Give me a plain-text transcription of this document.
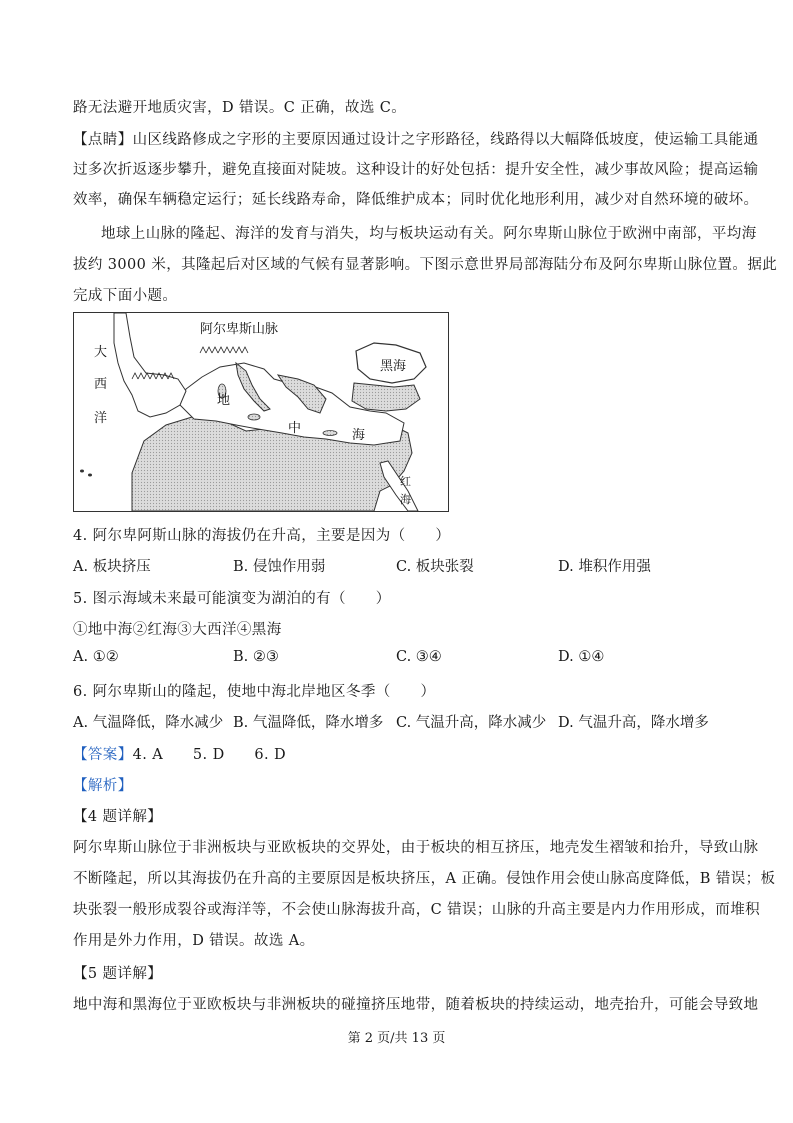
路无法避开地质灾害，D 错误。C 正确，故选 C。
【点睛】山区线路修成之字形的主要原因通过设计之字形路径，线路得以大幅降低坡度，使运输工具能通
过多次折返逐步攀升，避免直接面对陡坡。这种设计的好处包括：提升安全性，减少事故风险；提高运输
效率，确保车辆稳定运行；延长线路寿命，降低维护成本；同时优化地形利用，减少对自然环境的破坏。
地球上山脉的隆起、海洋的发育与消失，均与板块运动有关。阿尔卑斯山脉位于欧洲中南部，平均海
拔约 3000 米，其隆起后对区域的气候有显著影响。下图示意世界局部海陆分布及阿尔卑斯山脉位置。据此
完成下面小题。
阿尔卑斯山脉
大
西
洋
地
中	海
黑海
红
海
4. 阿尔卑阿斯山脉的海拔仍在升高，主要是因为（　　）
A. 板块挤压	B. 侵蚀作用弱	C. 板块张裂	D. 堆积作用强
5. 图示海域未来最可能演变为湖泊的有（　　）
①地中海②红海③大西洋④黑海
A. ①②	B. ②③	C. ③④	D. ①④
6. 阿尔卑斯山的隆起，使地中海北岸地区冬季（　　）
A. 气温降低，降水减少 B. 气温降低，降水增多 C. 气温升高，降水减少 D. 气温升高，降水增多
【答案】4. A　　5. D　　6. D
【解析】
【4 题详解】
阿尔卑斯山脉位于非洲板块与亚欧板块的交界处，由于板块的相互挤压，地壳发生褶皱和抬升，导致山脉
不断隆起，所以其海拔仍在升高的主要原因是板块挤压，A 正确。侵蚀作用会使山脉高度降低，B 错误；板
块张裂一般形成裂谷或海洋等，不会使山脉海拔升高，C 错误；山脉的升高主要是内力作用形成，而堆积
作用是外力作用，D 错误。故选 A。
【5 题详解】
地中海和黑海位于亚欧板块与非洲板块的碰撞挤压地带，随着板块的持续运动，地壳抬升，可能会导致地
第 2 页/共 13 页
